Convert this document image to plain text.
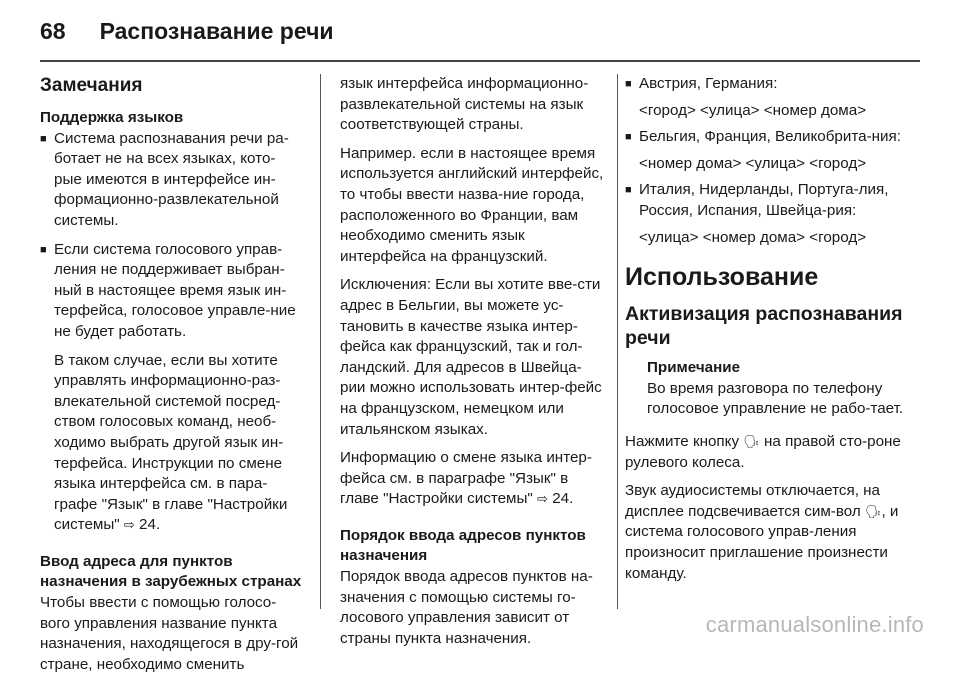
68 Распознавание речи
Замечания

Поддержка языков

■ Система распознавания речи ра-ботает не на всех языках, кото-рые имеются в интерфейсе ин-формационно-развлекательной системы.
■ Если система голосового управ-ления не поддерживает выбран-ный в настоящее время язык ин-терфейса, голосовое управле-ние не будет работать.

В таком случае, если вы хотите управлять информационно-раз-влекательной системой посред-ством голосовых команд, необ-ходимо выбрать другой язык ин-терфейса. Инструкции по смене языка интерфейса см. в пара-графе "Язык" в главе "Настройки системы" ⇨ 24.

Ввод адреса для пунктов назначения в зарубежных странах

Чтобы ввести с помощью голосо-вого управления название пункта назначения, находящегося в дру-гой стране, необходимо сменить

язык интерфейса информационно-развлекательной системы на язык соответствующей страны.

Например. если в настоящее время используется английский интерфейс, то чтобы ввести назва-ние города, расположенного во Франции, вам необходимо сменить язык интерфейса на французский.

Исключения: Если вы хотите вве-сти адрес в Бельгии, вы можете ус-тановить в качестве языка интер-фейса как французский, так и гол-ландский. Для адресов в Швейца-рии можно использовать интер-фейс на французском, немецком или итальянском языках.

Информацию о смене языка интер-фейса см. в параграфе "Язык" в главе "Настройки системы" ⇨ 24.

Порядок ввода адресов пунктов назначения

Порядок ввода адресов пунктов на-значения с помощью системы го-лосового управления зависит от страны пункта назначения.

■ Австрия, Германия:

<город> <улица> <номер дома>

■ Бельгия, Франция, Великобрита-ния:

<номер дома> <улица> <город>

■ Италия, Нидерланды, Португа-лия, Россия, Испания, Швейца-рия:

<улица> <номер дома> <город>

Использование
Активизация распознавания речи

Примечание

Во время разговора по телефону голосовое управление не рабо-тает.

Нажмите кнопку 🗣 на правой сто-роне рулевого колеса.

Звук аудиосистемы отключается, на дисплее подсвечивается сим-вол 🗣, и система голосового управ-ления произносит приглашение произнести команду.

carmanualsonline.info
